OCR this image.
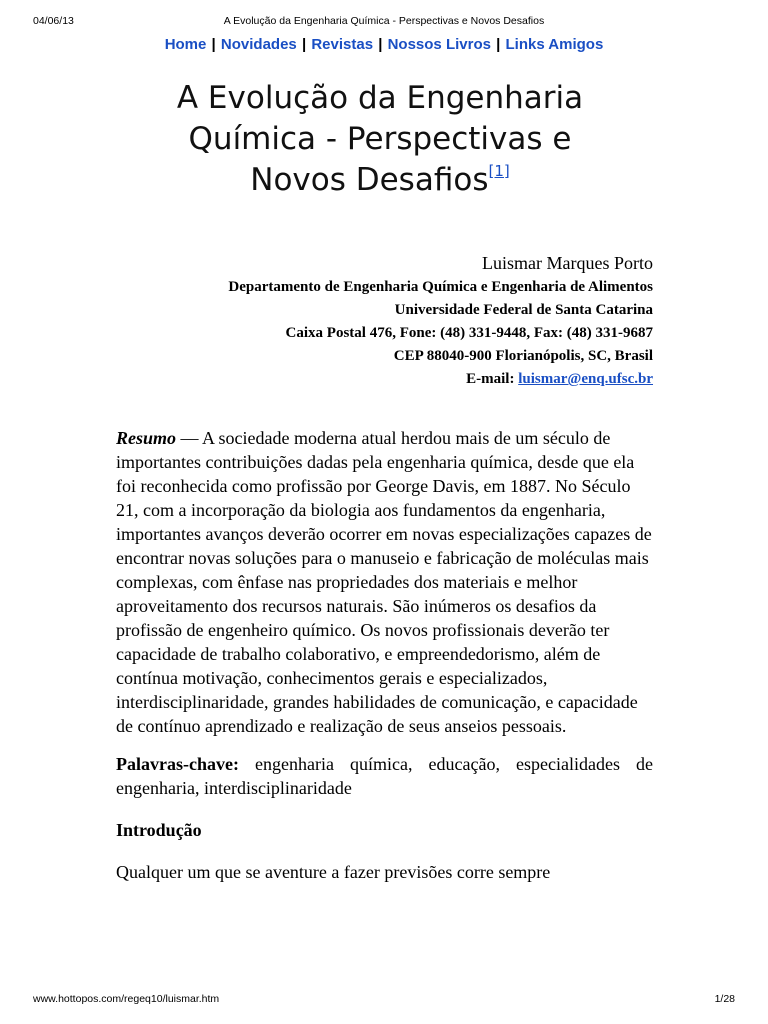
04/06/13	A Evolução da Engenharia Química - Perspectivas e Novos Desafios
Home | Novidades | Revistas | Nossos Livros | Links Amigos
A Evolução da Engenharia
Química - Perspectivas e
Novos Desafios[1]
Luismar Marques Porto
Departamento de Engenharia Química e Engenharia de Alimentos
Universidade Federal de Santa Catarina
Caixa Postal 476, Fone: (48) 331-9448, Fax: (48) 331-9687
CEP 88040-900 Florianópolis, SC, Brasil
E-mail: luismar@enq.ufsc.br

Resumo — A sociedade moderna atual herdou mais de um século de importantes contribuições dadas pela engenharia química, desde que ela foi reconhecida como profissão por George Davis, em 1887. No Século 21, com a incorporação da biologia aos fundamentos da engenharia, importantes avanços deverão ocorrer em novas especializações capazes de encontrar novas soluções para o manuseio e fabricação de moléculas mais complexas, com ênfase nas propriedades dos materiais e melhor aproveitamento dos recursos naturais. São inúmeros os desafios da profissão de engenheiro químico. Os novos profissionais deverão ter capacidade de trabalho colaborativo, e empreendedorismo, além de contínua motivação, conhecimentos gerais e especializados, interdisciplinaridade, grandes habilidades de comunicação, e capacidade de contínuo aprendizado e realização de seus anseios pessoais.

Palavras-chave: engenharia química, educação, especialidades de engenharia, interdisciplinaridade

Introdução

Qualquer um que se aventure a fazer previsões corre sempre

www.hottopos.com/regeq10/luismar.htm	1/28
